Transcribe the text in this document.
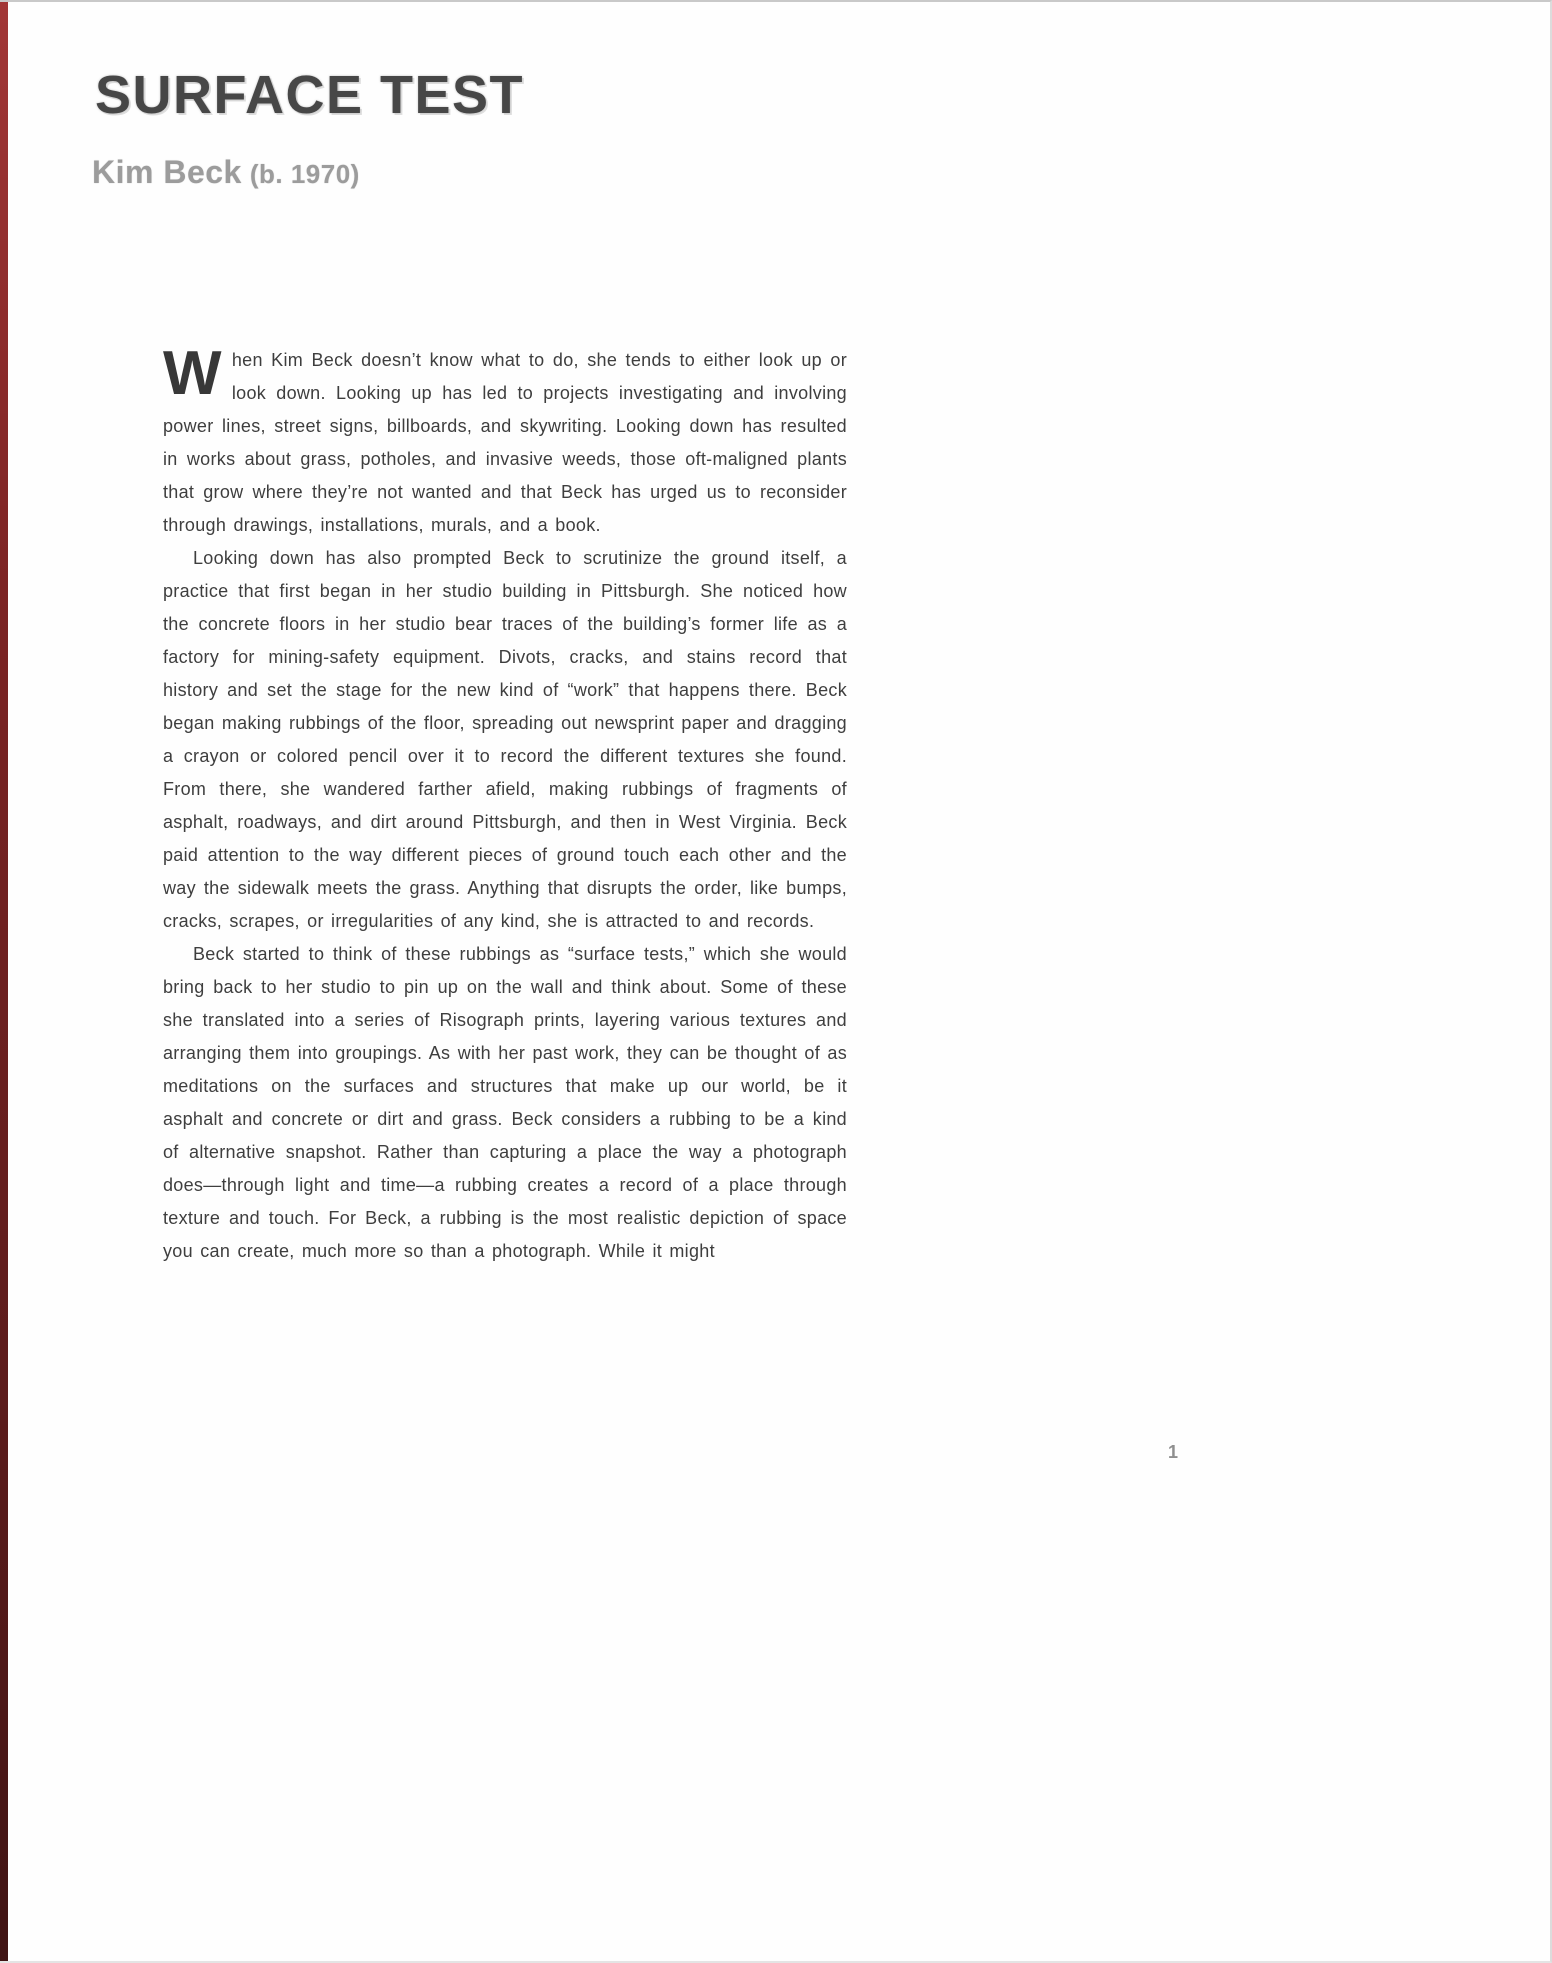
SURFACE TEST
Kim Beck (b. 1970)

When Kim Beck doesn’t know what to do, she tends to either look up or look down. Looking up has led to projects investigating and involving power lines, street signs, billboards, and skywriting. Looking down has resulted in works about grass, potholes, and invasive weeds, those oft-maligned plants that grow where they’re not wanted and that Beck has urged us to reconsider through drawings, installations, murals, and a book.

Looking down has also prompted Beck to scrutinize the ground itself, a practice that first began in her studio building in Pittsburgh. She noticed how the concrete floors in her studio bear traces of the building’s former life as a factory for mining-safety equipment. Divots, cracks, and stains record that history and set the stage for the new kind of “work” that happens there. Beck began making rubbings of the floor, spreading out newsprint paper and dragging a crayon or colored pencil over it to record the different textures she found. From there, she wandered farther afield, making rubbings of fragments of asphalt, roadways, and dirt around Pittsburgh, and then in West Virginia. Beck paid attention to the way different pieces of ground touch each other and the way the sidewalk meets the grass. Anything that disrupts the order, like bumps, cracks, scrapes, or irregularities of any kind, she is attracted to and records.

Beck started to think of these rubbings as “surface tests,” which she would bring back to her studio to pin up on the wall and think about. Some of these she translated into a series of Risograph prints, layering various textures and arranging them into groupings. As with her past work, they can be thought of as meditations on the surfaces and structures that make up our world, be it asphalt and concrete or dirt and grass. Beck considers a rubbing to be a kind of alternative snapshot. Rather than capturing a place the way a photograph does—through light and time—a rubbing creates a record of a place through texture and touch. For Beck, a rubbing is the most realistic depiction of space you can create, much more so than a photograph. While it might

1
